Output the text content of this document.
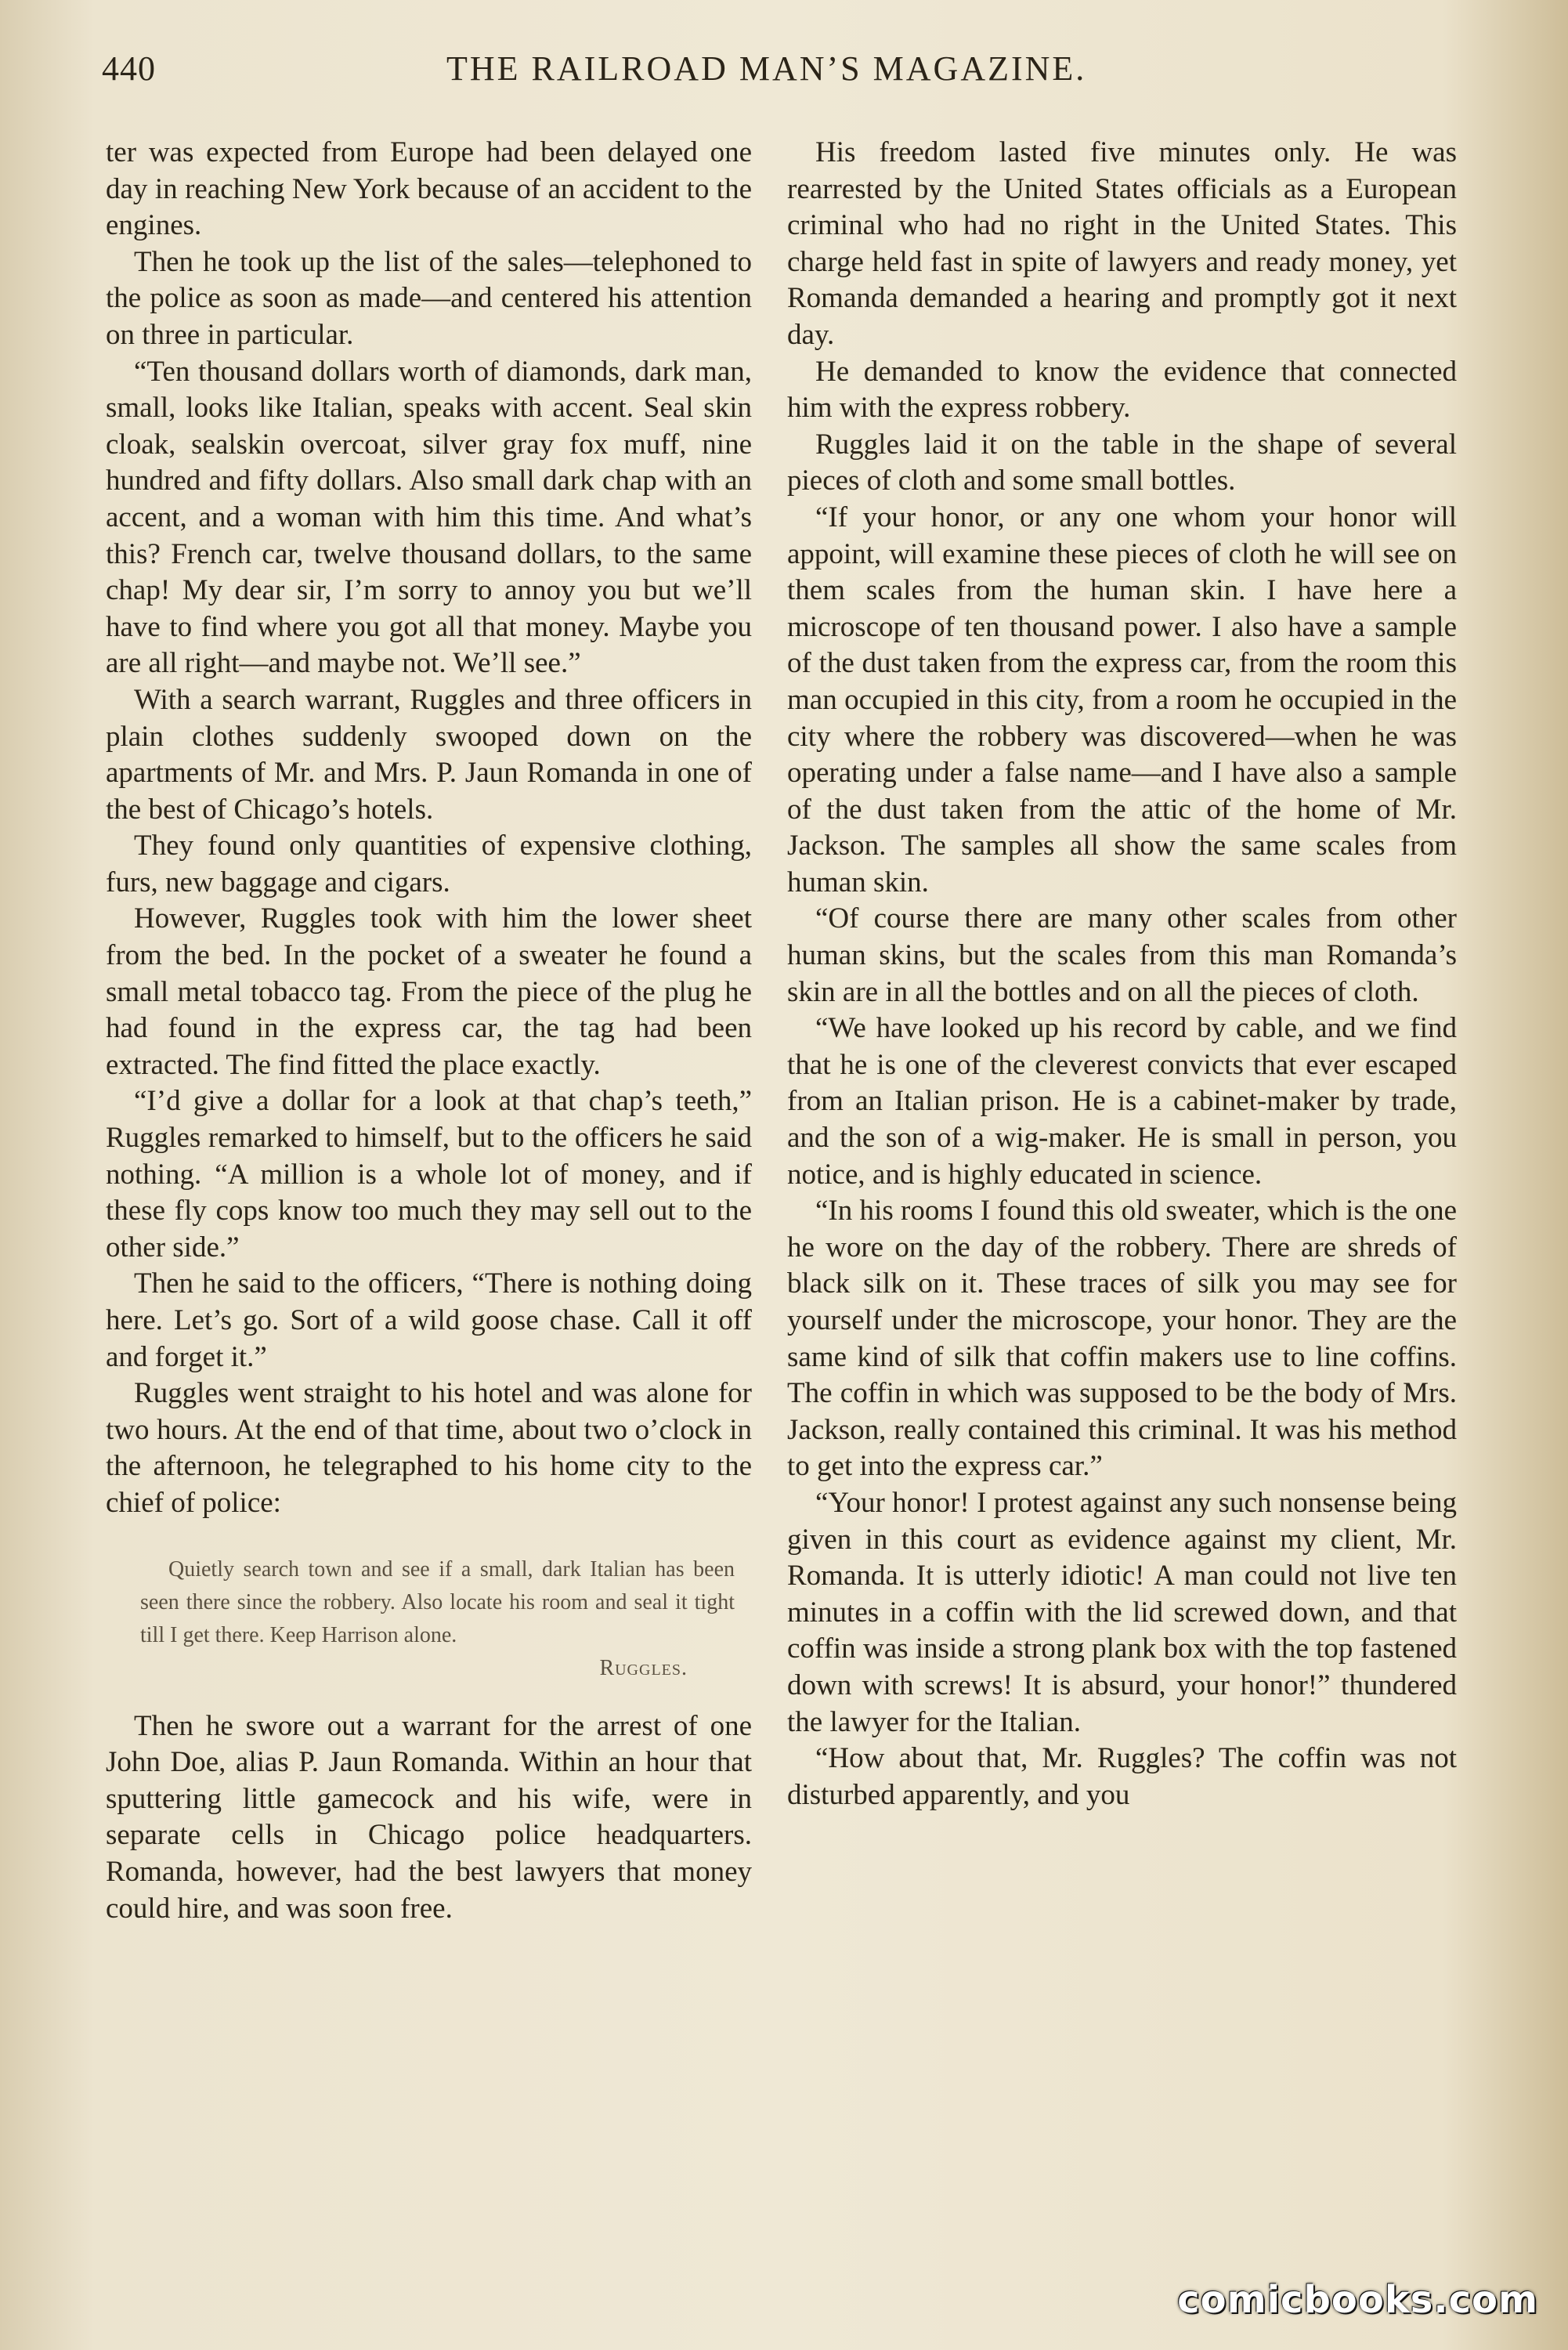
440	THE RAILROAD MAN’S MAGAZINE.

ter was expected from Europe had been delayed one day in reaching New York because of an accident to the engines.

Then he took up the list of the sales—telephoned to the police as soon as made—and centered his attention on three in particular.

“Ten thousand dollars worth of diamonds, dark man, small, looks like Italian, speaks with accent. Seal skin cloak, sealskin overcoat, silver gray fox muff, nine hundred and fifty dollars. Also small dark chap with an accent, and a woman with him this time. And what’s this? French car, twelve thousand dollars, to the same chap! My dear sir, I’m sorry to annoy you but we’ll have to find where you got all that money. Maybe you are all right—and maybe not. We’ll see.”

With a search warrant, Ruggles and three officers in plain clothes suddenly swooped down on the apartments of Mr. and Mrs. P. Jaun Romanda in one of the best of Chicago’s hotels.

They found only quantities of expensive clothing, furs, new baggage and cigars.

However, Ruggles took with him the lower sheet from the bed. In the pocket of a sweater he found a small metal tobacco tag. From the piece of the plug he had found in the express car, the tag had been extracted. The find fitted the place exactly.

“I’d give a dollar for a look at that chap’s teeth,” Ruggles remarked to himself, but to the officers he said nothing. “A million is a whole lot of money, and if these fly cops know too much they may sell out to the other side.”

Then he said to the officers, “There is nothing doing here. Let’s go. Sort of a wild goose chase. Call it off and forget it.”

Ruggles went straight to his hotel and was alone for two hours. At the end of that time, about two o’clock in the afternoon, he telegraphed to his home city to the chief of police:

Quietly search town and see if a small, dark Italian has been seen there since the robbery. Also locate his room and seal it tight till I get there. Keep Harrison alone.

Ruggles.

Then he swore out a warrant for the arrest of one John Doe, alias P. Jaun Romanda. Within an hour that sputtering little gamecock and his wife, were in separate cells in Chicago police headquarters. Romanda, however, had the best lawyers that money could hire, and was soon free.

His freedom lasted five minutes only. He was rearrested by the United States officials as a European criminal who had no right in the United States. This charge held fast in spite of lawyers and ready money, yet Romanda demanded a hearing and promptly got it next day.

He demanded to know the evidence that connected him with the express robbery.

Ruggles laid it on the table in the shape of several pieces of cloth and some small bottles.

“If your honor, or any one whom your honor will appoint, will examine these pieces of cloth he will see on them scales from the human skin. I have here a microscope of ten thousand power. I also have a sample of the dust taken from the express car, from the room this man occupied in this city, from a room he occupied in the city where the robbery was discovered—when he was operating under a false name—and I have also a sample of the dust taken from the attic of the home of Mr. Jackson. The samples all show the same scales from human skin.

“Of course there are many other scales from other human skins, but the scales from this man Romanda’s skin are in all the bottles and on all the pieces of cloth.

“We have looked up his record by cable, and we find that he is one of the cleverest convicts that ever escaped from an Italian prison. He is a cabinet-maker by trade, and the son of a wig-maker. He is small in person, you notice, and is highly educated in science.

“In his rooms I found this old sweater, which is the one he wore on the day of the robbery. There are shreds of black silk on it. These traces of silk you may see for yourself under the microscope, your honor. They are the same kind of silk that coffin makers use to line coffins. The coffin in which was supposed to be the body of Mrs. Jackson, really contained this criminal. It was his method to get into the express car.”

“Your honor! I protest against any such nonsense being given in this court as evidence against my client, Mr. Romanda. It is utterly idiotic! A man could not live ten minutes in a coffin with the lid screwed down, and that coffin was inside a strong plank box with the top fastened down with screws! It is absurd, your honor!” thundered the lawyer for the Italian.

“How about that, Mr. Ruggles? The coffin was not disturbed apparently, and you

comicbooks.com
